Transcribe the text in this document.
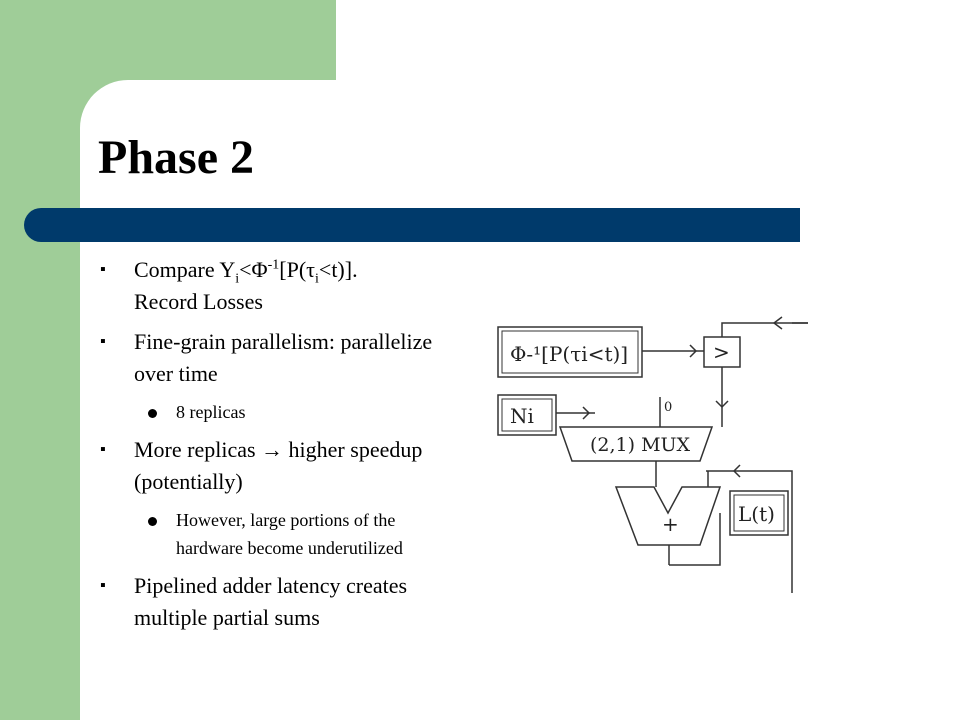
Phase 2
▪ Compare $Y_i<\Phi^{-1}[P(\tau_i<t)]$.
Record Losses
▪ Fine-grain parallelism: parallelize over time
8 replicas
▪ More replicas → higher speedup (potentially)
However, large portions of the hardware become underutilized
▪ Pipelined adder latency creates multiple partial sums
Φ-¹[P(τi<t)]	>
Ni	0
(2,1) MUX
+	L(t)
